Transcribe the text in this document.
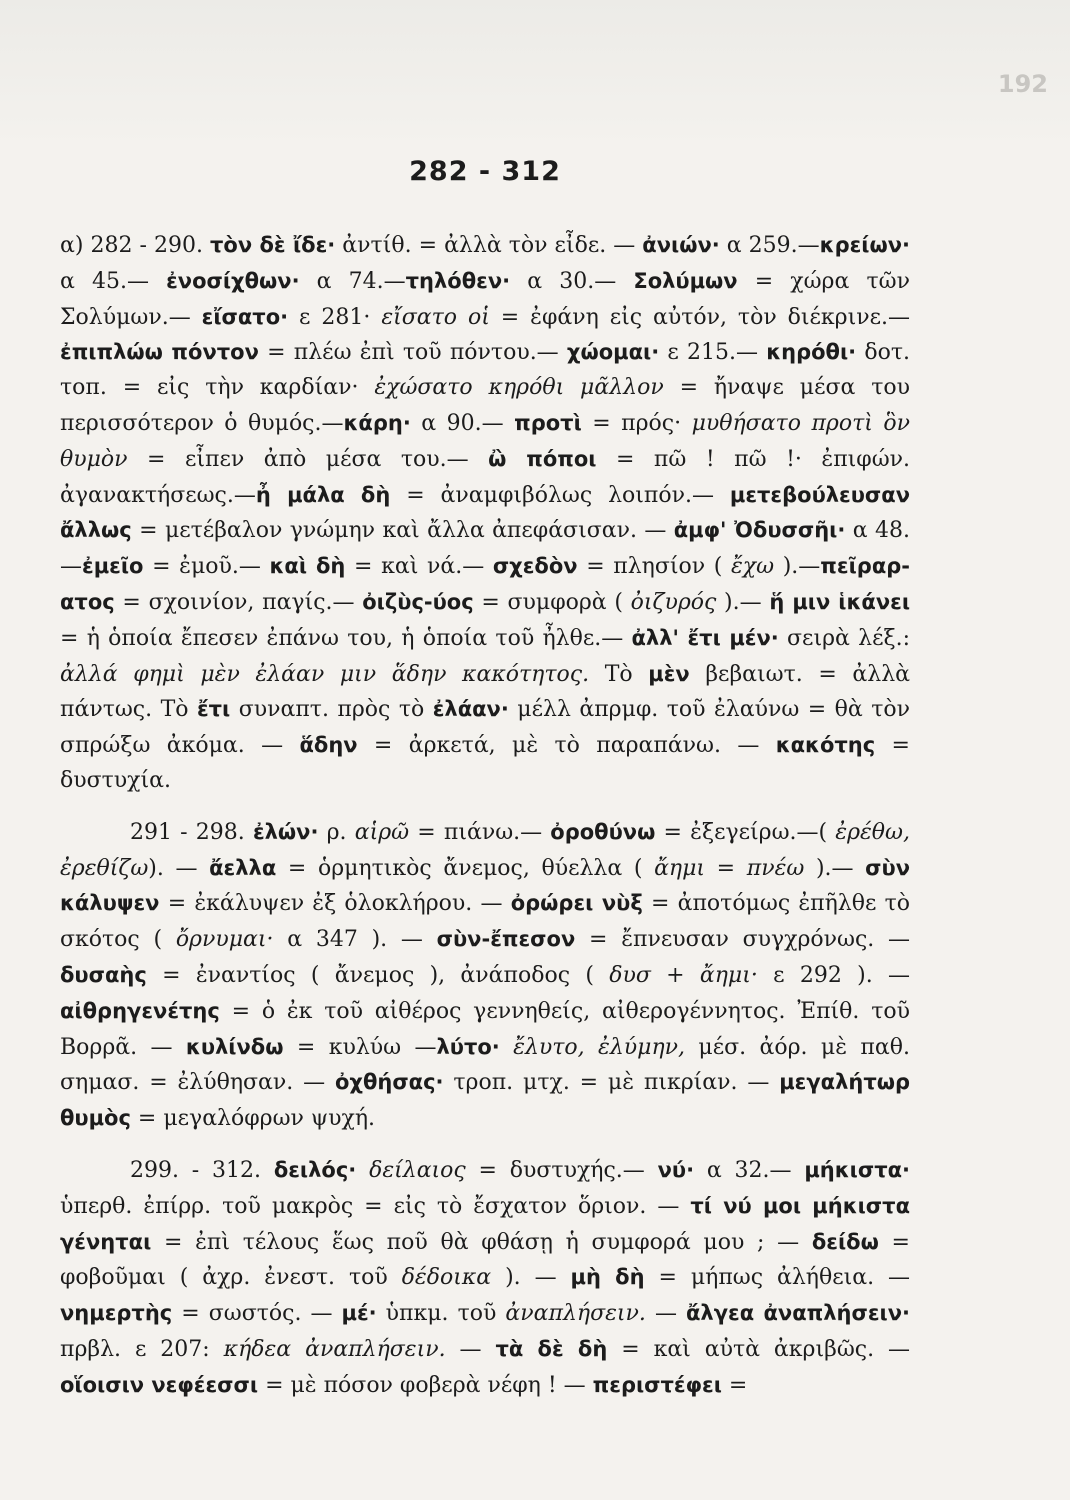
192
282 - 312

α) 282 - 290. τὸν δὲ ἴδε· ἀντίθ. = ἀλλὰ τὸν εἶδε. — ἀνιών· α 259.—κρείων· α 45.— ἐνοσίχθων· α 74.—τηλόθεν· α 30.— Σολύμων = χώρα τῶν Σολύμων.— εἴσατο· ε 281· εἴσατο οἱ = ἐφάνη εἰς αὐτόν, τὸν διέκρινε.— ἐπιπλώω πόντον = πλέω ἐπὶ τοῦ πόντου.— χώομαι· ε 215.— κηρόθι· δοτ. τοπ. = εἰς τὴν καρδίαν· ἐχώσατο κηρόθι μᾶλλον = ἤναψε μέσα του περισσότερον ὁ θυμός.—κάρη· α 90.— προτὶ = πρός· μυθήσατο προτὶ ὃν θυμὸν = εἶπεν ἀπὸ μέσα του.— ὢ πόποι = πῶ ! πῶ !· ἐπιφών. ἀγανακτήσεως.—ἦ μάλα δὴ = ἀναμφιβόλως λοιπόν.— μετεβούλευσαν ἄλλως = μετέβαλον γνώμην καὶ ἄλλα ἀπεφάσισαν. — ἀμφ' Ὀδυσσῆι· α 48.—ἐμεῖο = ἐμοῦ.— καὶ δὴ = καὶ νά.— σχεδὸν = πλησίον ( ἔχω ).—πεῖραρ-ατος = σχοινίον, παγίς.— ὀιζὺς-ύος = συμφορὰ ( ὀιζυρός ).— ἥ μιν ἱκάνει = ἡ ὁποία ἔπεσεν ἐπάνω του, ἡ ὁποία τοῦ ἦλθε.— ἀλλ' ἔτι μέν· σειρὰ λέξ.: ἀλλά φημὶ μὲν ἐλάαν μιν ἅδην κακότητος. Τὸ μὲν βεβαιωτ. = ἀλλὰ πάντως. Τὸ ἔτι συναπτ. πρὸς τὸ ἐλάαν· μέλλ ἀπρμφ. τοῦ ἐλαύνω = θὰ τὸν σπρώξω ἀκόμα. — ἅδην = ἀρκετά, μὲ τὸ παραπάνω. — κακότης = δυστυχία.

291 - 298. ἐλών· ρ. αἱρῶ = πιάνω.— ὀροθύνω = ἐξεγείρω.—( ἐρέθω, ἐρεθίζω). — ἄελλα = ὁρμητικὸς ἄνεμος, θύελλα ( ἄημι = πνέω ).— σὺν κάλυψεν = ἐκάλυψεν ἐξ ὁλοκλήρου. — ὀρώρει νὺξ = ἀποτόμως ἐπῆλθε τὸ σκότος ( ὄρνυμαι· α 347 ). — σὺν-ἔπεσον = ἔπνευσαν συγχρόνως. — δυσαὴς = ἐναντίος ( ἄνεμος ), ἀνάποδος ( δυσ + ἄημι· ε 292 ). — αἰθρηγενέτης = ὁ ἐκ τοῦ αἰθέρος γεννηθείς, αἰθερογέννητος. Ἐπίθ. τοῦ Βορρᾶ. — κυλίνδω = κυλύω —λύτο· ἔλυτο, ἐλύμην, μέσ. ἀόρ. μὲ παθ. σημασ. = ἐλύθησαν. — ὀχθήσας· τροπ. μτχ. = μὲ πικρίαν. — μεγαλήτωρ θυμὸς = μεγαλόφρων ψυχή.

299. - 312. δειλός· δείλαιος = δυστυχής.— νύ· α 32.— μήκιστα· ὑπερθ. ἐπίρρ. τοῦ μακρὸς = εἰς τὸ ἔσχατον ὅριον. — τί νύ μοι μήκιστα γένηται = ἐπὶ τέλους ἕως ποῦ θὰ φθάσῃ ἡ συμφορά μου ; — δείδω = φοβοῦμαι ( ἀχρ. ἐνεστ. τοῦ δέδοικα ). — μὴ δὴ = μήπως ἀλήθεια. — νημερτὴς = σωστός. — μέ· ὑπκμ. τοῦ ἀναπλήσειν. — ἄλγεα ἀναπλήσειν· πρβλ. ε 207: κήδεα ἀναπλήσειν. — τὰ δὲ δὴ = καὶ αὐτὰ ἀκριβῶς. — οἵοισιν νεφέεσσι = μὲ πόσον φοβερὰ νέφη ! — περιστέφει =
